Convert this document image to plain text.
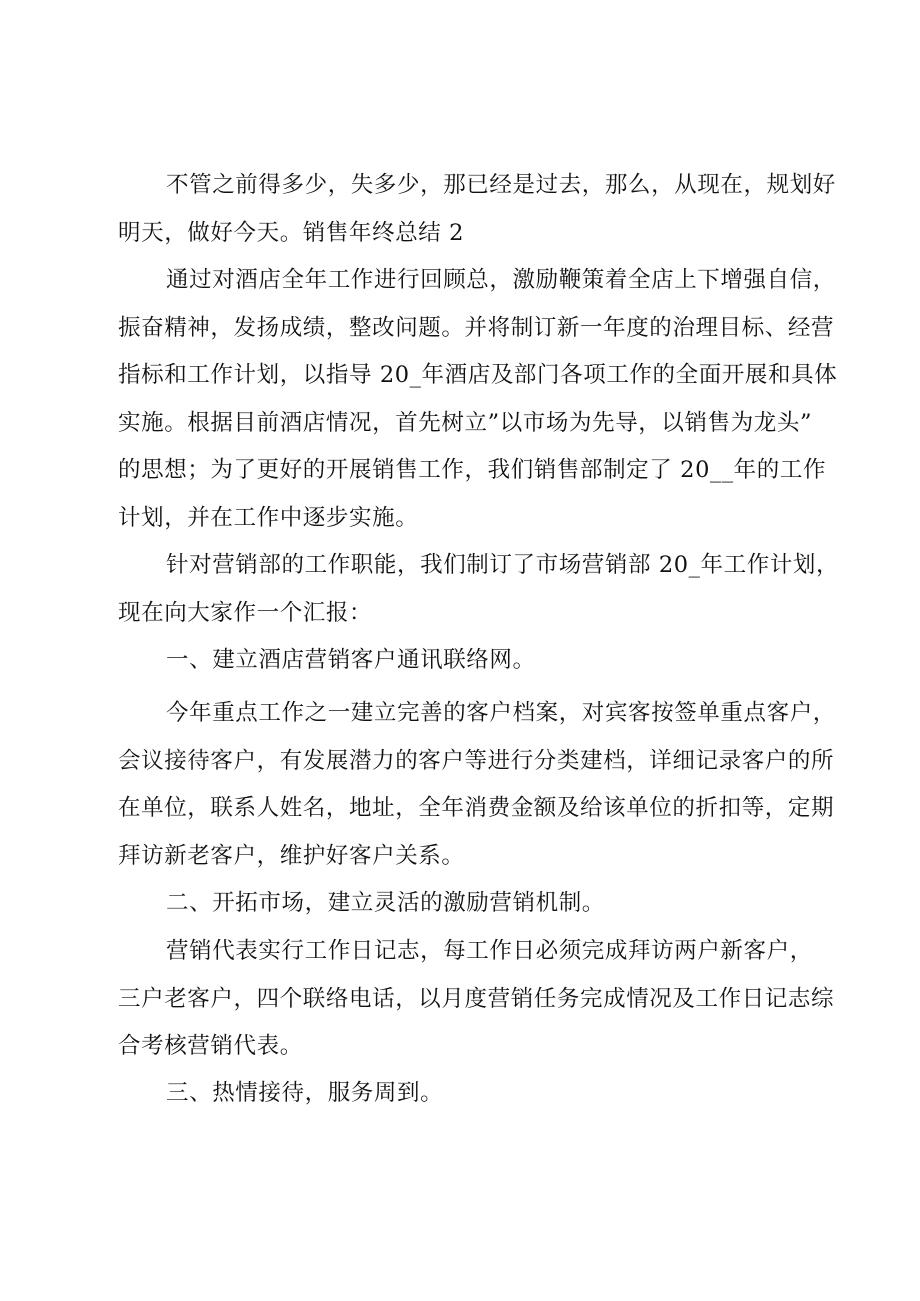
不管之前得多少，失多少，那已经是过去，那么，从现在，规划好
明天，做好今天。销售年终总结 2
通过对酒店全年工作进行回顾总，激励鞭策着全店上下增强自信，
振奋精神，发扬成绩，整改问题。并将制订新一年度的治理目标、经营
指标和工作计划，以指导 20_年酒店及部门各项工作的全面开展和具体
实施。根据目前酒店情况，首先树立”以市场为先导，以销售为龙头”
的思想；为了更好的开展销售工作，我们销售部制定了 20__年的工作
计划，并在工作中逐步实施。
针对营销部的工作职能，我们制订了市场营销部 20_年工作计划，
现在向大家作一个汇报：
一、建立酒店营销客户通讯联络网。
今年重点工作之一建立完善的客户档案，对宾客按签单重点客户，
会议接待客户，有发展潜力的客户等进行分类建档，详细记录客户的所
在单位，联系人姓名，地址，全年消费金额及给该单位的折扣等，定期
拜访新老客户，维护好客户关系。
二、开拓市场，建立灵活的激励营销机制。
营销代表实行工作日记志，每工作日必须完成拜访两户新客户，
三户老客户，四个联络电话，以月度营销任务完成情况及工作日记志综
合考核营销代表。
三、热情接待，服务周到。
